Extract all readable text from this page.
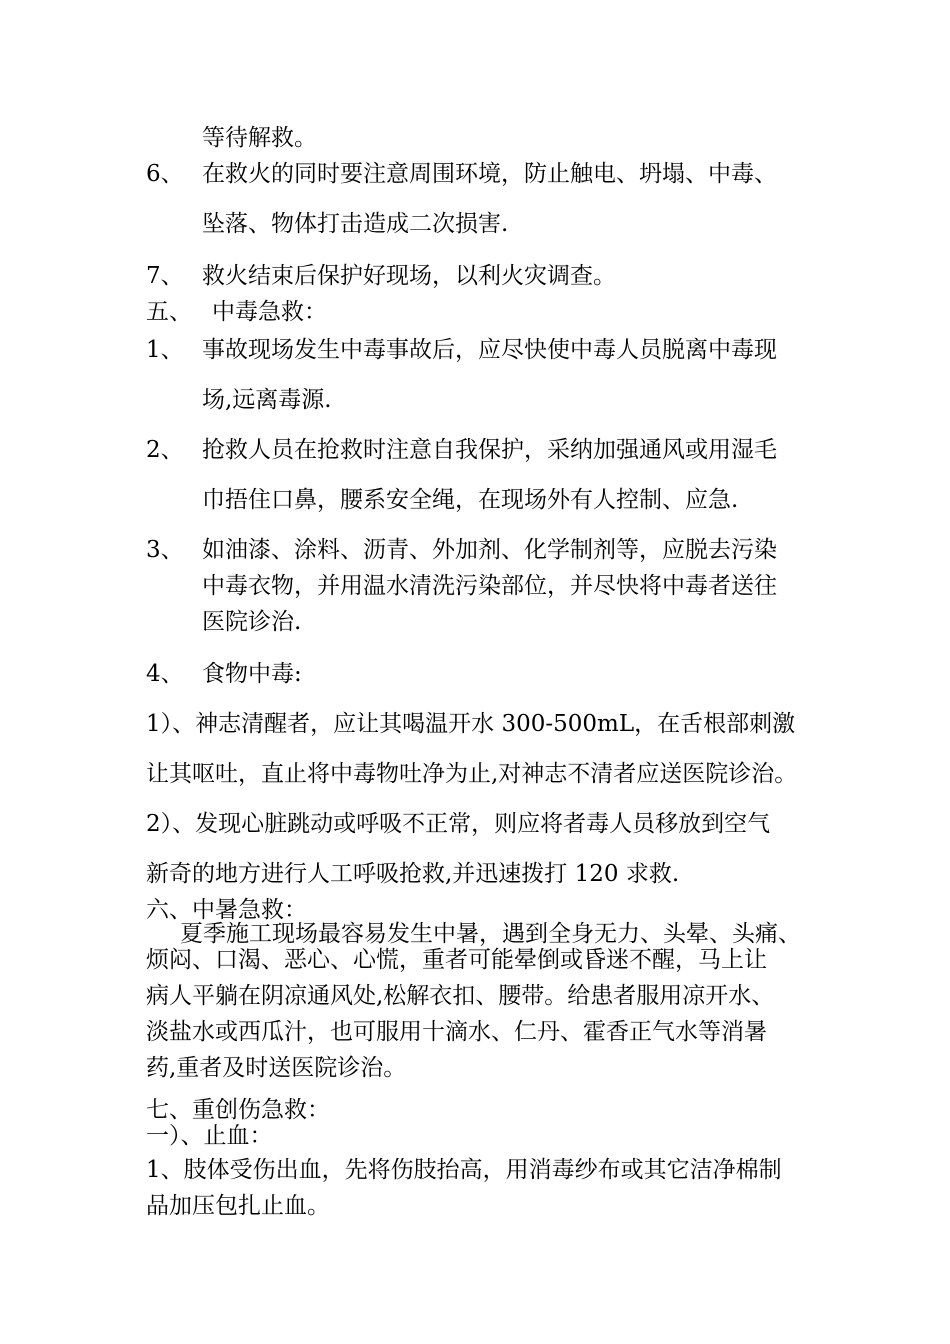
等待解救。
6、 在救火的同时要注意周围环境，防止触电、坍塌、中毒、
坠落、物体打击造成二次损害.
7、 救火结束后保护好现场，以利火灾调查。
五、 中毒急救：
1、 事故现场发生中毒事故后，应尽快使中毒人员脱离中毒现
场,远离毒源.
2、 抢救人员在抢救时注意自我保护，采纳加强通风或用湿毛
巾捂住口鼻，腰系安全绳，在现场外有人控制、应急.
3、 如油漆、涂料、沥青、外加剂、化学制剂等，应脱去污染
中毒衣物，并用温水清洗污染部位，并尽快将中毒者送往
医院诊治.
4、 食物中毒:
1）、神志清醒者，应让其喝温开水 300-500mL，在舌根部刺激
让其呕吐，直止将中毒物吐净为止,对神志不清者应送医院诊治。
2）、发现心脏跳动或呼吸不正常，则应将者毒人员移放到空气
新奇的地方进行人工呼吸抢救,并迅速拨打 120 求救.
六、中暑急救：
夏季施工现场最容易发生中暑，遇到全身无力、头晕、头痛、
烦闷、口渴、恶心、心慌，重者可能晕倒或昏迷不醒，马上让
病人平躺在阴凉通风处,松解衣扣、腰带。给患者服用凉开水、
淡盐水或西瓜汁，也可服用十滴水、仁丹、霍香正气水等消暑
药,重者及时送医院诊治。
七、重创伤急救：
一）、止血：
1、肢体受伤出血，先将伤肢抬高，用消毒纱布或其它洁净棉制
品加压包扎止血。
